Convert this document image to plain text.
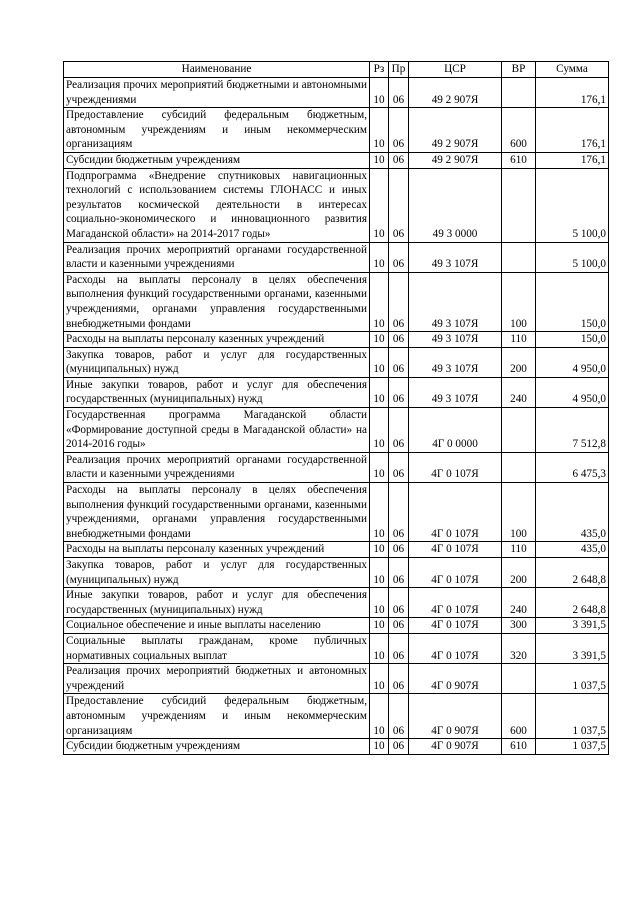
Наименование	Рз	Пр	ЦСР	ВР	Сумма
Реализация прочих мероприятий бюджетными и автономными учреждениями	10	06	49 2 907Я		176,1
Предоставление субсидий федеральным бюджетным, автономным учреждениям и иным некоммерческим организациям	10	06	49 2 907Я	600	176,1
Субсидии бюджетным учреждениям	10	06	49 2 907Я	610	176,1
Подпрограмма «Внедрение спутниковых навигационных технологий с использованием системы ГЛОНАСС и иных результатов космической деятельности в интересах социально-экономического и инновационного развития Магаданской области» на 2014-2017 годы»	10	06	49 3 0000		5 100,0
Реализация прочих мероприятий органами государственной власти и казенными учреждениями	10	06	49 3 107Я		5 100,0
Расходы на выплаты персоналу в целях обеспечения выполнения функций государственными органами, казенными учреждениями, органами управления государственными внебюджетными фондами	10	06	49 3 107Я	100	150,0
Расходы на выплаты персоналу казенных учреждений	10	06	49 3 107Я	110	150,0
Закупка товаров, работ и услуг для государственных (муниципальных) нужд	10	06	49 3 107Я	200	4 950,0
Иные закупки товаров, работ и услуг для обеспечения государственных (муниципальных) нужд	10	06	49 3 107Я	240	4 950,0
Государственная программа Магаданской области «Формирование доступной среды в Магаданской области» на 2014-2016 годы»	10	06	4Г 0 0000		7 512,8
Реализация прочих мероприятий органами государственной власти и казенными учреждениями	10	06	4Г 0 107Я		6 475,3
Расходы на выплаты персоналу в целях обеспечения выполнения функций государственными органами, казенными учреждениями, органами управления государственными внебюджетными фондами	10	06	4Г 0 107Я	100	435,0
Расходы на выплаты персоналу казенных учреждений	10	06	4Г 0 107Я	110	435,0
Закупка товаров, работ и услуг для государственных (муниципальных) нужд	10	06	4Г 0 107Я	200	2 648,8
Иные закупки товаров, работ и услуг для обеспечения государственных (муниципальных) нужд	10	06	4Г 0 107Я	240	2 648,8
Социальное обеспечение и иные выплаты населению	10	06	4Г 0 107Я	300	3 391,5
Социальные выплаты гражданам, кроме публичных нормативных социальных выплат	10	06	4Г 0 107Я	320	3 391,5
Реализация прочих мероприятий бюджетных и автономных учреждений	10	06	4Г 0 907Я		1 037,5
Предоставление субсидий федеральным бюджетным, автономным учреждениям и иным некоммерческим организациям	10	06	4Г 0 907Я	600	1 037,5
Субсидии бюджетным учреждениям	10	06	4Г 0 907Я	610	1 037,5
